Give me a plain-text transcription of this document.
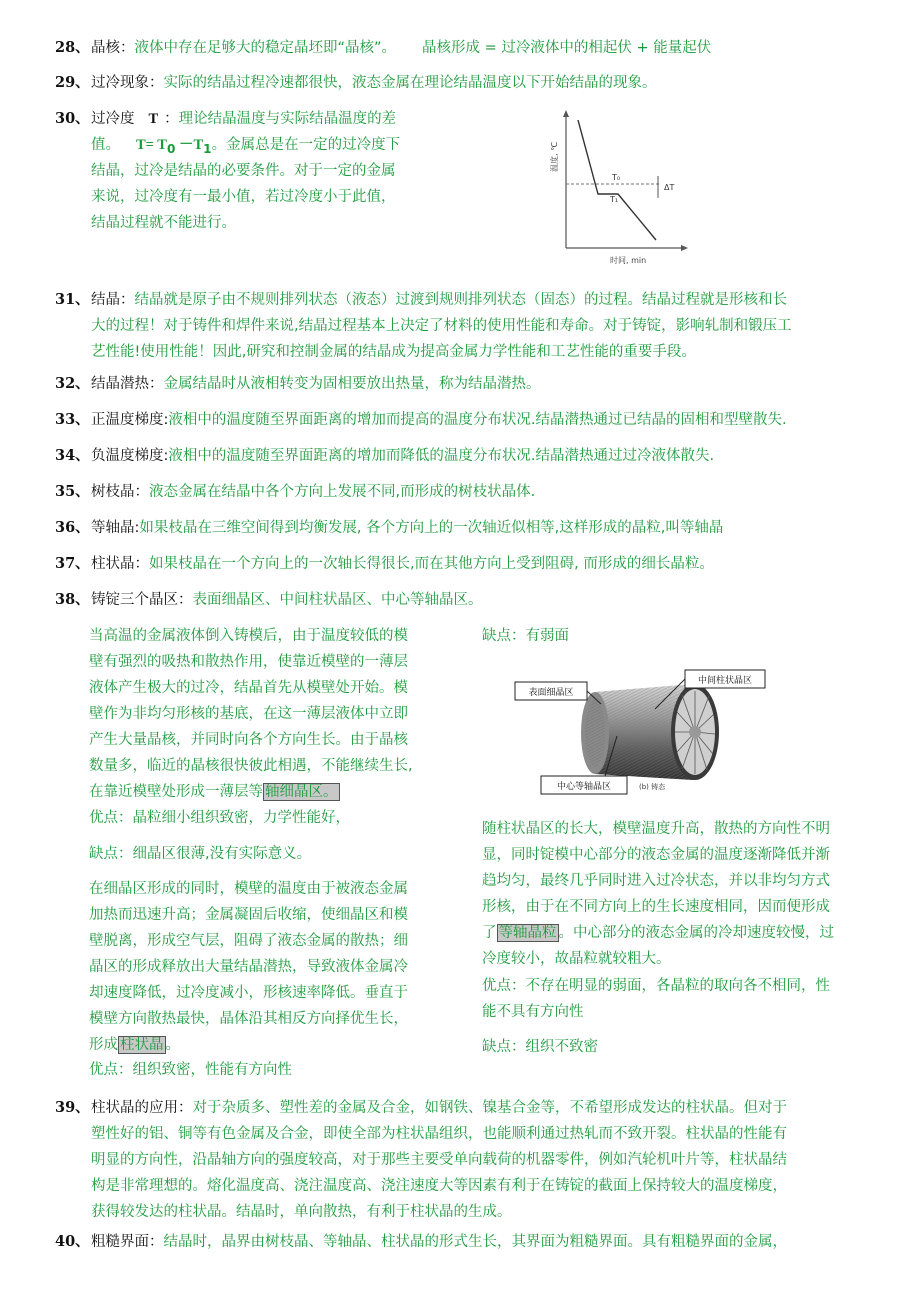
28、晶核：液体中存在足够大的稳定晶坯即“晶核”。 晶核形成 = 过冷液体中的相起伏 + 能量起伏
29、过冷现象：实际的结晶过程冷速都很快，液态金属在理论结晶温度以下开始结晶的现象。
30、过冷度 T ：理论结晶温度与实际结晶温度的差
值。 $T= T_0 -T_1$。金属总是在一定的过冷度下
结晶，过冷是结晶的必要条件。对于一定的金属
来说，过冷度有一最小值，若过冷度小于此值，
结晶过程就不能进行。
温度, ℃
T₀
T₁
ΔT
时间, min
31、结晶：结晶就是原子由不规则排列状态（液态）过渡到规则排列状态（固态）的过程。结晶过程就是形核和长
大的过程！对于铸件和焊件来说,结晶过程基本上决定了材料的使用性能和寿命。对于铸锭，影响轧制和锻压工
艺性能!使用性能！因此,研究和控制金属的结晶成为提高金属力学性能和工艺性能的重要手段。
32、结晶潜热：金属结晶时从液相转变为固相要放出热量，称为结晶潜热。
33、正温度梯度:液相中的温度随至界面距离的增加而提高的温度分布状况.结晶潜热通过已结晶的固相和型壁散失.
34、负温度梯度:液相中的温度随至界面距离的增加而降低的温度分布状况.结晶潜热通过过冷液体散失.
35、树枝晶：液态金属在结晶中各个方向上发展不同,而形成的树枝状晶体.
36、等轴晶:如果枝晶在三维空间得到均衡发展, 各个方向上的一次轴近似相等,这样形成的晶粒,叫等轴晶
37、柱状晶：如果枝晶在一个方向上的一次轴长得很长,而在其他方向上受到阻碍, 而形成的细长晶粒。
38、铸锭三个晶区：表面细晶区、中间柱状晶区、中心等轴晶区。
当高温的金属液体倒入铸模后，由于温度较低的模
壁有强烈的吸热和散热作用，使靠近模壁的一薄层
液体产生极大的过冷，结晶首先从模壁处开始。模
壁作为非均匀形核的基底，在这一薄层液体中立即
产生大量晶核，并同时向各个方向生长。由于晶核
数量多，临近的晶核很快彼此相遇，不能继续生长,
在靠近模壁处形成一薄层等 轴细晶区。
优点：晶粒细小组织致密，力学性能好，
缺点：细晶区很薄,没有实际意义。
在细晶区形成的同时，模壁的温度由于被液态金属
加热而迅速升高；金属凝固后收缩，使细晶区和模
壁脱离，形成空气层，阻碍了液态金属的散热；细
晶区的形成释放出大量结晶潜热，导致液体金属冷
却速度降低，过冷度减小，形核速率降低。垂直于
模壁方向散热最快，晶体沿其相反方向择优生长，
形成 柱状晶 。
优点：组织致密，性能有方向性
缺点：有弱面
表面细晶区
中间柱状晶区
中心等轴晶区	(b) 铸态
随柱状晶区的长大，模壁温度升高，散热的方向性不明
显，同时锭模中心部分的液态金属的温度逐渐降低并渐
趋均匀，最终几乎同时进入过冷状态，并以非均匀方式
形核，由于在不同方向上的生长速度相同，因而便形成
了 等轴晶粒 。中心部分的液态金属的冷却速度较慢，过
冷度较小，故晶粒就较粗大。
优点：不存在明显的弱面，各晶粒的取向各不相同，性
能不具有方向性
缺点：组织不致密
39、柱状晶的应用：对于杂质多、塑性差的金属及合金，如钢铁、镍基合金等，不希望形成发达的柱状晶。但对于
塑性好的铝、铜等有色金属及合金，即使全部为柱状晶组织，也能顺利通过热轧而不致开裂。柱状晶的性能有
明显的方向性，沿晶轴方向的强度较高，对于那些主要受单向载荷的机器零件，例如汽轮机叶片等，柱状晶结
构是非常理想的。熔化温度高、浇注温度高、浇注速度大等因素有利于在铸锭的截面上保持较大的温度梯度，
获得较发达的柱状晶。结晶时，单向散热，有利于柱状晶的生成。
40、粗糙界面：结晶时，晶界由树枝晶、等轴晶、柱状晶的形式生长，其界面为粗糙界面。具有粗糙界面的金属，
